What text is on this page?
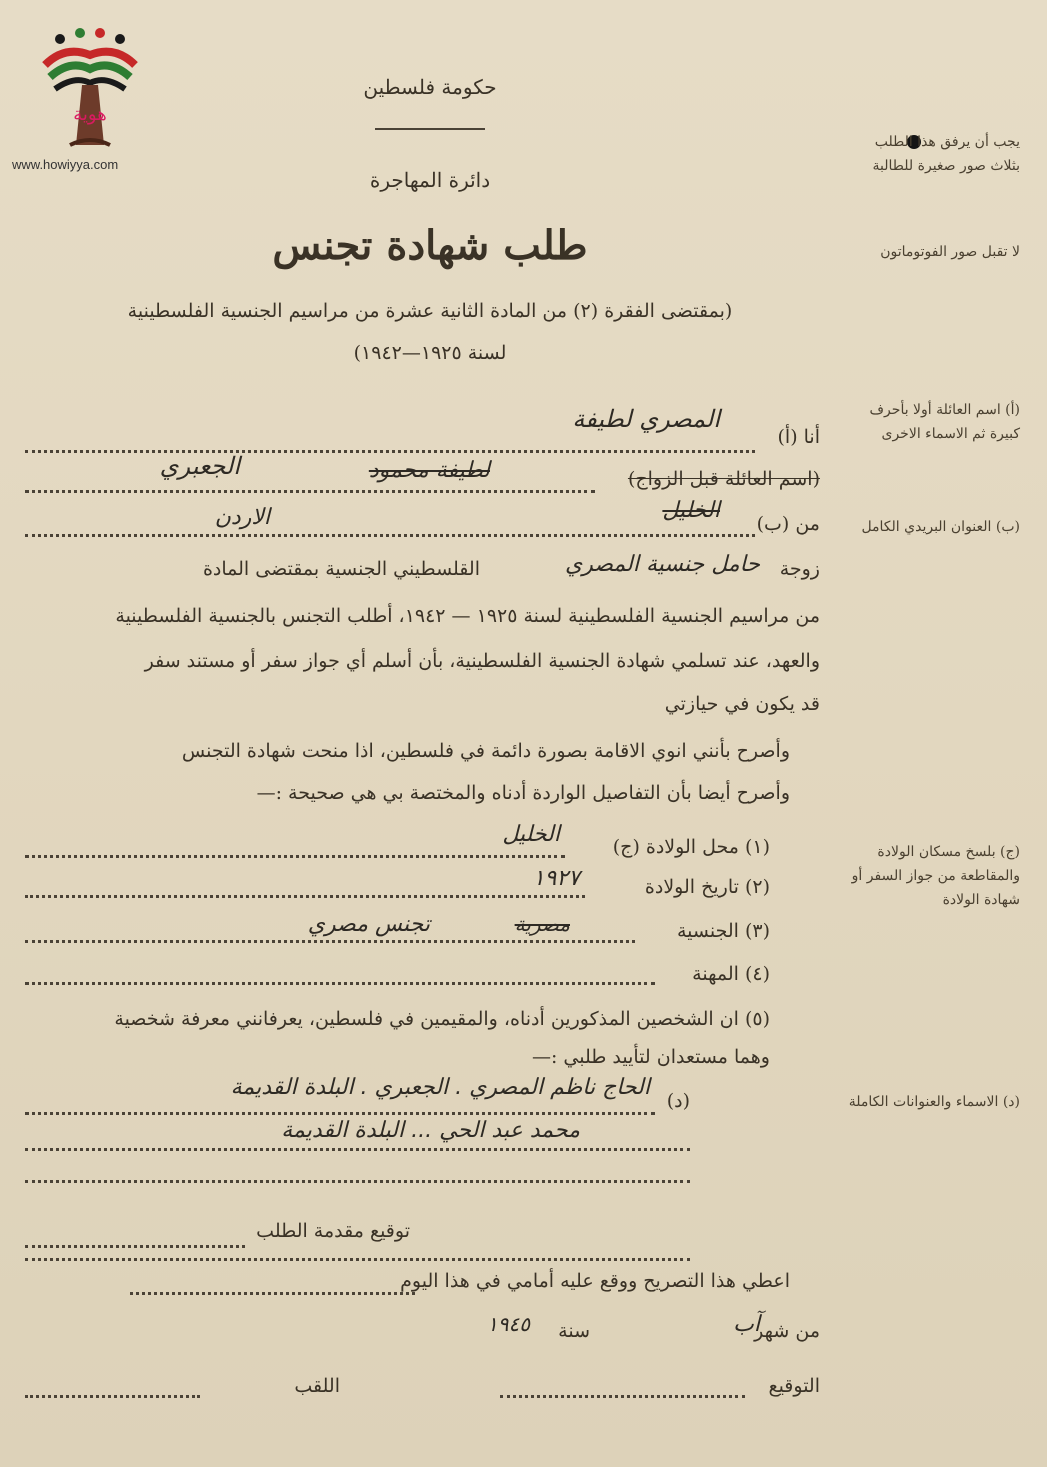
هوية
www.howiyya.com
حكومة فلسطين
دائرة المهاجرة
طلب شهادة تجنس
(بمقتضى الفقرة (٢) من المادة الثانية عشرة من مراسيم الجنسية الفلسطينية
لسنة ١٩٢٥—١٩٤٢)
يجب أن يرفق هذا الطلب بثلاث صور صغيرة للطالبة
لا تقبل صور الفوتوماتون
(أ) اسم العائلة أولا بأحرف كبيرة ثم الاسماء الاخرى
(ب) العنوان البريدي الكامل
(ج) بلسخ مسكان الولادة والمقاطعة من جواز السفر أو شهادة الولادة
(د) الاسماء والعنوانات الكاملة
أنا (أ)
المصري لطيفة
(اسم العائلة قبل الزواج)
لطيفة محمود
الجعبري
من (ب)
الخليل
الاردن
زوجة
حامل جنسية المصري
القلسطيني الجنسية بمقتضى المادة
من مراسيم الجنسية الفلسطينية لسنة ١٩٢٥ — ١٩٤٢، أطلب التجنس بالجنسية الفلسطينية
والعهد، عند تسلمي شهادة الجنسية الفلسطينية، بأن أسلم أي جواز سفر أو مستند سفر
قد يكون في حيازتي
وأصرح بأنني انوي الاقامة بصورة دائمة في فلسطين، اذا منحت شهادة التجنس
وأصرح أيضا بأن التفاصيل الواردة أدناه والمختصة بي هي صحيحة :—
(١) محل الولادة (ج)
الخليل
(٢) تاريخ الولادة
١٩٢٧
(٣) الجنسية
مصرية
تجنس مصري
(٤) المهنة
(٥) ان الشخصين المذكورين أدناه، والمقيمين في فلسطين، يعرفانني معرفة شخصية
وهما مستعدان لتأييد طلبي :—
(د)
الحاج ناظم المصري . الجعبري . البلدة القديمة
محمد عبد الحي ... البلدة القديمة
توقيع مقدمة الطلب
اعطي هذا التصريح ووقع عليه أمامي في هذا اليوم
من شهر
آب
سنة
١٩٤٥
التوقيع
اللقب
